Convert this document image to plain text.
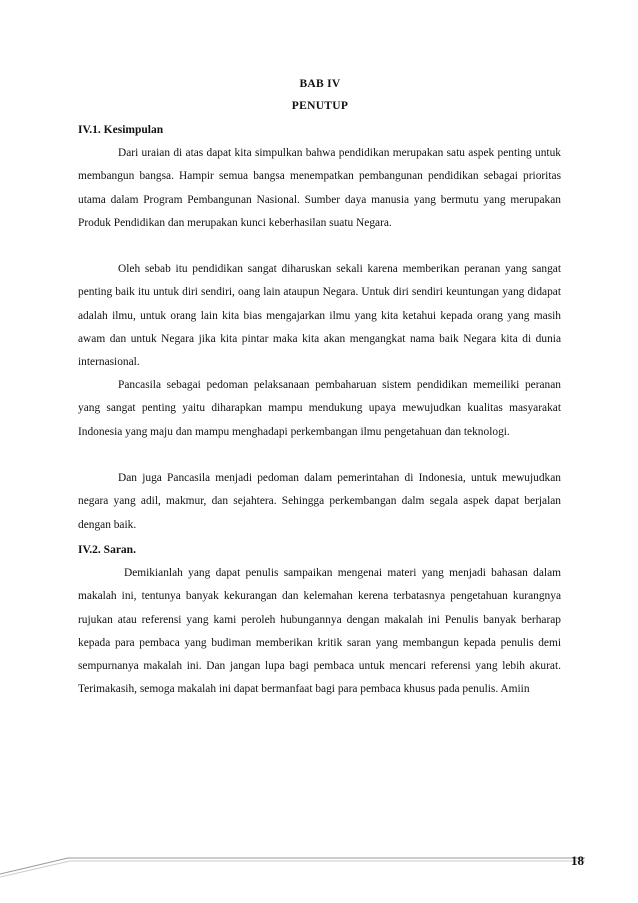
BAB IV
PENUTUP
IV.1. Kesimpulan

Dari uraian di atas dapat kita simpulkan bahwa pendidikan merupakan satu aspek penting untuk membangun bangsa. Hampir semua bangsa menempatkan pembangunan pendidikan sebagai prioritas utama dalam Program Pembangunan Nasional. Sumber daya manusia yang bermutu yang merupakan Produk Pendidikan dan merupakan kunci keberhasilan suatu Negara.

Oleh sebab itu pendidikan sangat diharuskan sekali karena memberikan peranan yang sangat penting baik itu untuk diri sendiri, oang lain ataupun Negara. Untuk diri sendiri keuntungan yang didapat adalah ilmu, untuk orang lain kita bias mengajarkan ilmu yang kita ketahui kepada orang yang masih awam dan untuk Negara jika kita pintar maka kita akan mengangkat nama baik Negara kita di dunia internasional.

Pancasila sebagai pedoman pelaksanaan pembaharuan sistem pendidikan memeiliki peranan yang sangat penting yaitu diharapkan mampu mendukung upaya mewujudkan kualitas masyarakat Indonesia yang maju dan mampu menghadapi perkembangan ilmu pengetahuan dan teknologi.

Dan juga Pancasila menjadi pedoman dalam pemerintahan di Indonesia, untuk mewujudkan negara yang adil, makmur, dan sejahtera. Sehingga perkembangan dalm segala aspek dapat berjalan dengan baik.

IV.2. Saran.

Demikianlah yang dapat penulis sampaikan mengenai materi yang menjadi bahasan dalam makalah ini, tentunya banyak kekurangan dan kelemahan kerena terbatasnya pengetahuan kurangnya rujukan atau referensi yang kami peroleh hubungannya dengan makalah ini Penulis banyak berharap kepada para pembaca yang budiman memberikan kritik saran yang membangun kepada penulis demi sempurnanya makalah ini. Dan jangan lupa bagi pembaca untuk mencari referensi yang lebih akurat. Terimakasih, semoga makalah ini dapat bermanfaat bagi para pembaca khusus pada penulis. Amiin

18
